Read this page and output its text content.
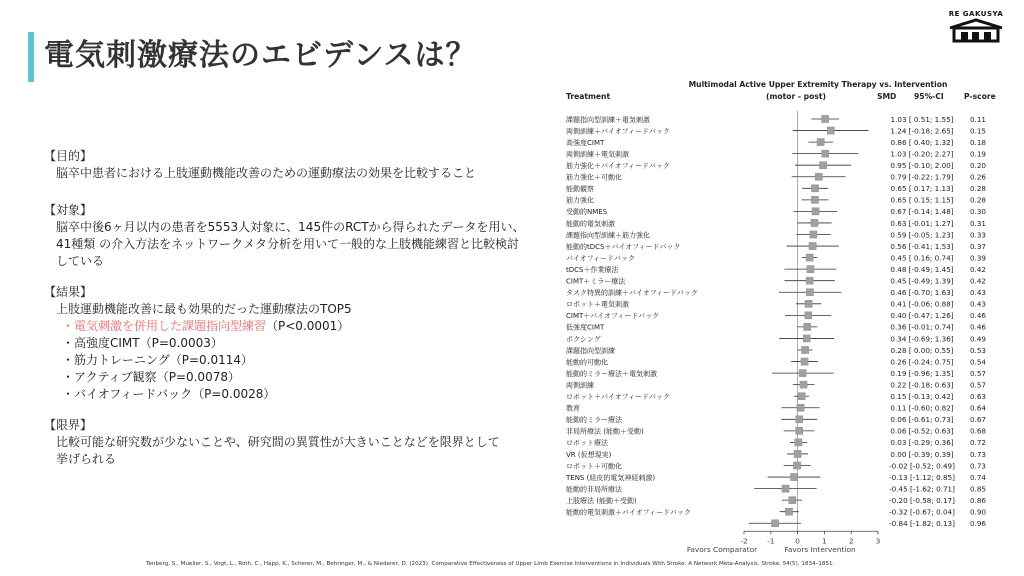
電気刺激療法のエビデンスは？
RE GAKUSYA
【目的】
脳卒中患者における上肢運動機能改善のための運動療法の効果を比較すること
【対象】
脳卒中後6ヶ月以内の患者を5553人対象に、145件のRCTから得られたデータを用い、
41種類 の介入方法をネットワークメタ分析を用いて一般的な上肢機能練習と比較検討
している
【結果】
上肢運動機能改善に最も効果的だった運動療法のTOP5
・電気刺激を併用した課題指向型練習（P<0.0001）
・高強度CIMT（P=0.0003）
・筋力トレーニング（P=0.0114）
・アクティブ観察（P=0.0078）
・バイオフィードバック（P=0.0028）
【限界】
比較可能な研究数が少ないことや、研究間の異質性が大きいことなどを限界として
挙げられる
Multimodal Active Upper Extremity Therapy vs. Intervention
Treatment	(motor - post)	SMD 95%-CI	P-score
課題指向型訓練＋電気刺激	1.03 [ 0.51; 1.55] 0.11
両側訓練＋バイオフィードバック	1.24 [-0.18; 2.65] 0.15
高強度CIMT	0.86 [ 0.40; 1.32] 0.18
両側訓練＋電気刺激	1.03 [-0.20; 2.27] 0.19
筋力強化＋バイオフィードバック	0.95 [-0.10; 2.00] 0.20
筋力強化＋可動化	0.79 [-0.22; 1.79] 0.26
能動観察	0.65 [ 0.17; 1.13] 0.28
筋力強化	0.65 [ 0.15; 1.15] 0.28
受動的NMES	0.67 [-0.14; 1.48] 0.30
能動的電気刺激	0.63 [-0.01; 1.27] 0.31
課題指向型訓練＋筋力強化	0.59 [-0.05; 1.23] 0.33
能動的tDCS＋バイオフィードバック	0.56 [-0.41; 1.53] 0.37
バイオフィードバック	0.45 [ 0.16; 0.74] 0.39
tDCS＋作業療法	0.48 [-0.49; 1.45] 0.42
CIMT＋ミラー療法	0.45 [-0.49; 1.39] 0.42
タスク特異的訓練＋バイオフィードバック	0.46 [-0.70; 1.63] 0.43
ロボット＋電気刺激	0.41 [-0.06; 0.88] 0.43
CIMT＋バイオフィードバック	0.40 [-0.47; 1.26] 0.46
低強度CIMT	0.36 [-0.01; 0.74] 0.46
ボクシング	0.34 [-0.69; 1.36] 0.49
課題指向型訓練	0.28 [ 0.00; 0.55] 0.53
能動的可動化	0.26 [-0.24; 0.75] 0.54
能動的ミラー療法＋電気刺激	0.19 [-0.96; 1.35] 0.57
両側訓練	0.22 [-0.18; 0.63] 0.57
ロボット＋バイオフィードバック	0.15 [-0.13; 0.42] 0.63
教育	0.11 [-0.60; 0.82] 0.64
能動的ミラー療法	0.06 [-0.61; 0.73] 0.67
非局所療法 (能動＋受動)	0.06 [-0.52; 0.63] 0.68
ロボット療法	0.03 [-0.29; 0.36] 0.72
VR (仮想現実)	0.00 [-0.39; 0.39] 0.73
ロボット＋可動化	-0.02 [-0.52; 0.49] 0.73
TENS (経皮的電気神経刺激)	-0.13 [-1.12; 0.85] 0.74
能動的非局所療法	-0.45 [-1.62; 0.71] 0.85
上肢療法 (能動＋受動)	-0.20 [-0.58; 0.17] 0.86
能動的電気刺激＋バイオフィードバック	-0.32 [-0.67; 0.04] 0.90
-0.84 [-1.82; 0.13] 0.96
-2	-1	0	1	2	3
Favors Comparator	Favors Intervention
Tenberg, S., Mueller, S., Vogt, L., Roth, C., Happ, K., Scherer, M., Behringer, M., & Niederer, D. (2023). Comparative Effectiveness of Upper Limb Exercise Interventions in Individuals With Stroke: A Network Meta-Analysis. Stroke, 54(5), 1834–1851.
